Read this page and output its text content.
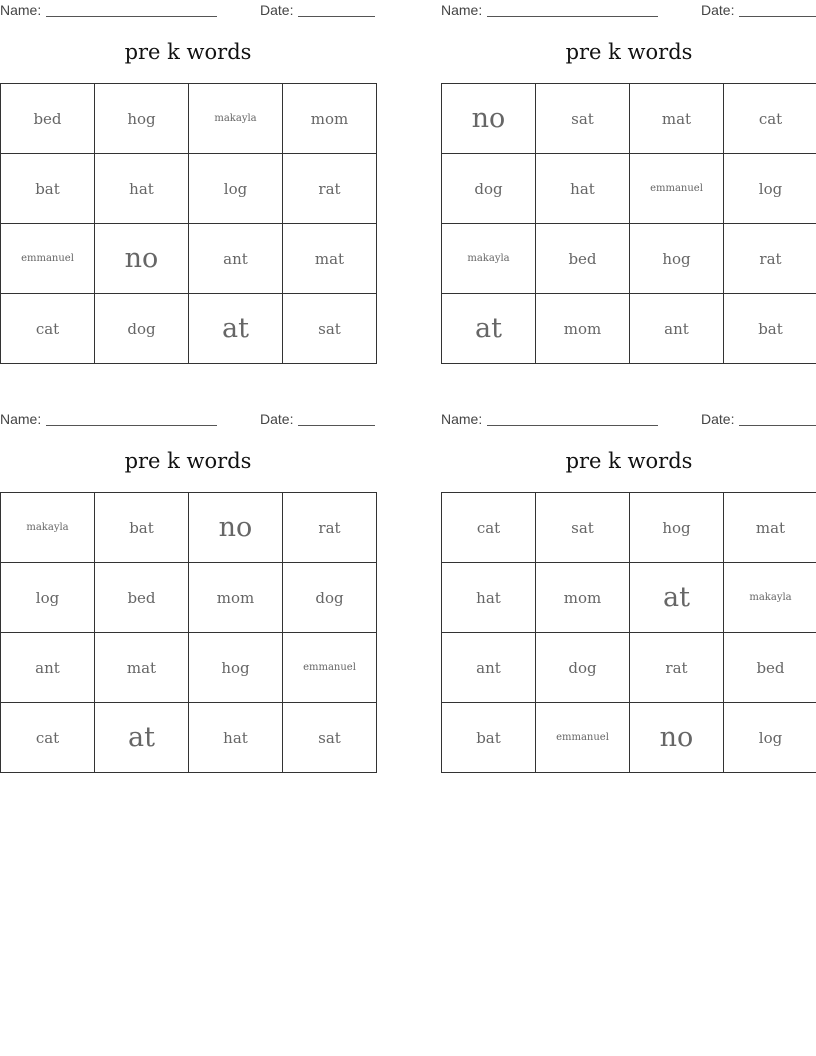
Name:	Date:
pre k words
bed	hog	makayla	mom
bat	hat	log	rat
emmanuel	no	ant	mat
cat	dog	at	sat
Name:	Date:
pre k words
no	sat	mat	cat
dog	hat	emmanuel	log
makayla	bed	hog	rat
at	mom	ant	bat
Name:	Date:
pre k words
makayla	bat	no	rat
log	bed	mom	dog
ant	mat	hog	emmanuel
cat	at	hat	sat
Name:	Date:
pre k words
cat	sat	hog	mat
hat	mom	at	makayla
ant	dog	rat	bed
bat	emmanuel	no	log
